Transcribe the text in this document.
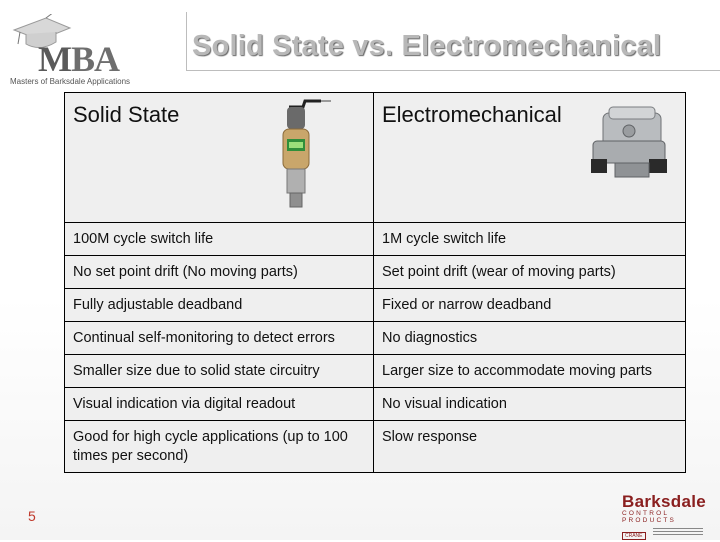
MBA
Masters of Barksdale Applications
Solid State vs. Electromechanical
Solid State	Electromechanical

100M cycle switch life	1M cycle switch life
No set point drift (No moving parts)	Set point drift (wear of moving parts)
Fully adjustable deadband	Fixed or narrow deadband
Continual self-monitoring to detect errors	No diagnostics
Smaller size due to solid state circuitry	Larger size to accommodate moving parts
Visual indication via digital readout	No visual indication
Good for high cycle applications (up to 100 times per second)	Slow response
5
Barksdale
CONTROL PRODUCTS
CRANE
